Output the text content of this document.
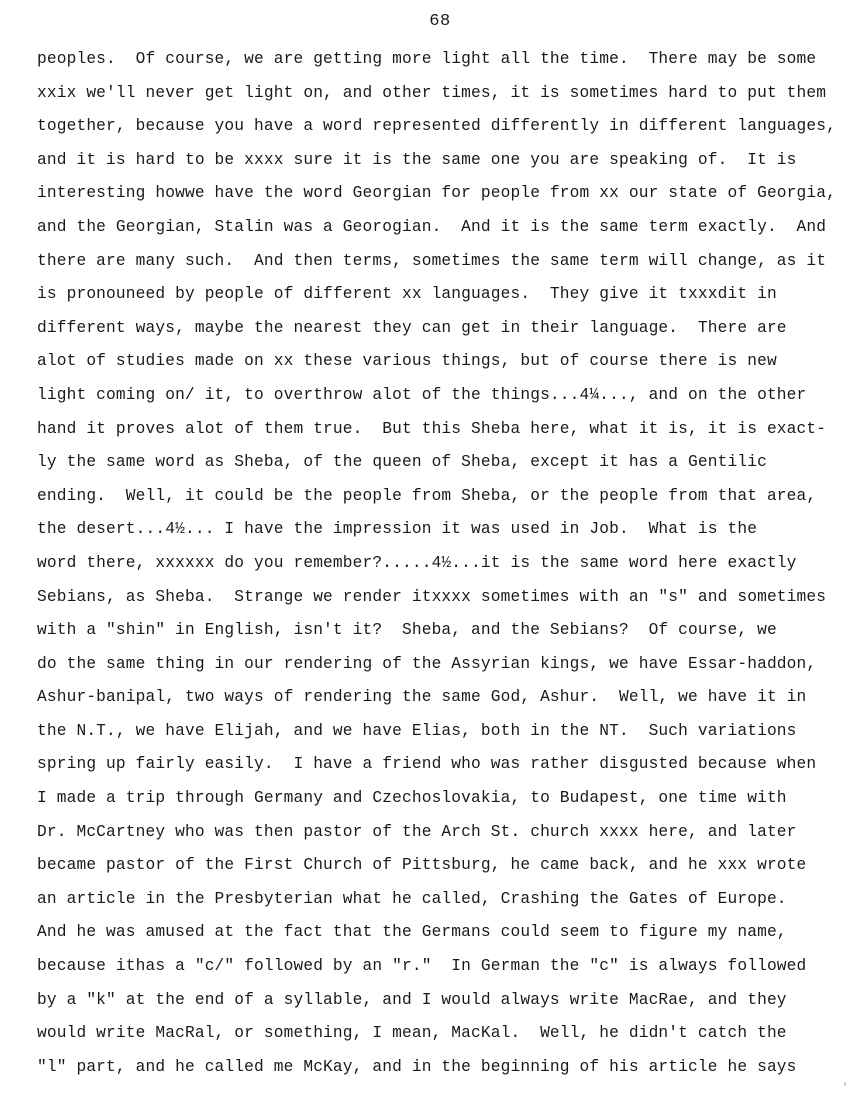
68
peoples.  Of course, we are getting more light all the time.  There may be some
xxix we'll never get light on, and other times, it is sometimes hard to put them
together, because you have a word represented differently in different languages,
and it is hard to be xxxx sure it is the same one you are speaking of.  It is
interesting howwe have the word Georgian for people from xx our state of Georgia,
and the Georgian, Stalin was a Georogian.  And it is the same term exactly.  And
there are many such.  And then terms, sometimes the same term will change, as it
is pronouneed by people of different xx languages.  They give it txxxdit in
different ways, maybe the nearest they can get in their language.  There are
alot of studies made on xx these various things, but of course there is new
light coming on/ it, to overthrow alot of the things...4¼..., and on the other
hand it proves alot of them true.  But this Sheba here, what it is, it is exact-
ly the same word as Sheba, of the queen of Sheba, except it has a Gentilic
ending.  Well, it could be the people from Sheba, or the people from that area,
the desert...4½... I have the impression it was used in Job.  What is the
word there, xxxxxx do you remember?.....4½...it is the same word here exactly
Sebians, as Sheba.  Strange we render itxxxx sometimes with an "s" and sometimes
with a "shin" in English, isn't it?  Sheba, and the Sebians?  Of course, we
do the same thing in our rendering of the Assyrian kings, we have Essar-haddon,
Ashur-banipal, two ways of rendering the same God, Ashur.  Well, we have it in
the N.T., we have Elijah, and we have Elias, both in the NT.  Such variations
spring up fairly easily.  I have a friend who was rather disgusted because when
I made a trip through Germany and Czechoslovakia, to Budapest, one time with
Dr. McCartney who was then pastor of the Arch St. church xxxx here, and later
became pastor of the First Church of Pittsburg, he came back, and he xxx wrote
an article in the Presbyterian what he called, Crashing the Gates of Europe.
And he was amused at the fact that the Germans could seem to figure my name,
because ithas a "c/" followed by an "r."  In German the "c" is always followed
by a "k" at the end of a syllable, and I would always write MacRae, and they
would write MacRal, or something, I mean, MacKal.  Well, he didn't catch the
"l" part, and he called me McKay, and in the beginning of his article he says
'
